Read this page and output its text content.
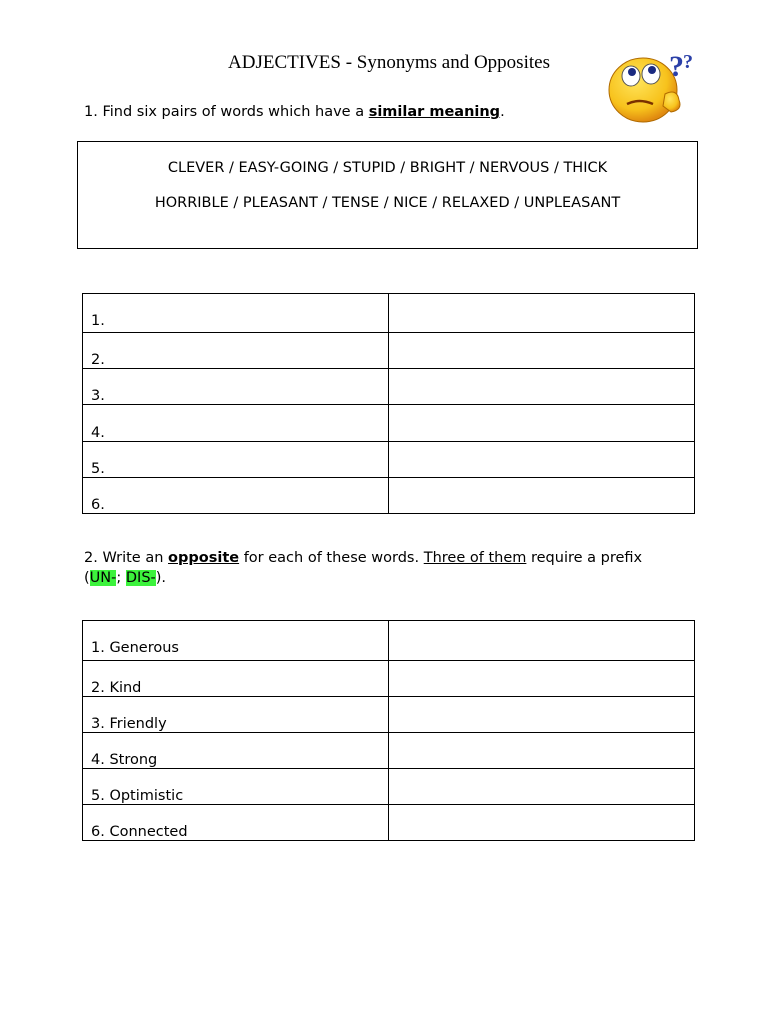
ADJECTIVES - Synonyms and Opposites	? ?
1. Find six pairs of words which have a similar meaning.
CLEVER / EASY-GOING / STUPID / BRIGHT / NERVOUS / THICK
HORRIBLE / PLEASANT / TENSE / NICE / RELAXED / UNPLEASANT
1.	
2.	
3.	
4.	
5.	
6.	
2. Write an opposite for each of these words. Three of them require a prefix
(UN-; DIS-).
1. Generous	
2. Kind	
3. Friendly	
4. Strong	
5. Optimistic	
6. Connected	
